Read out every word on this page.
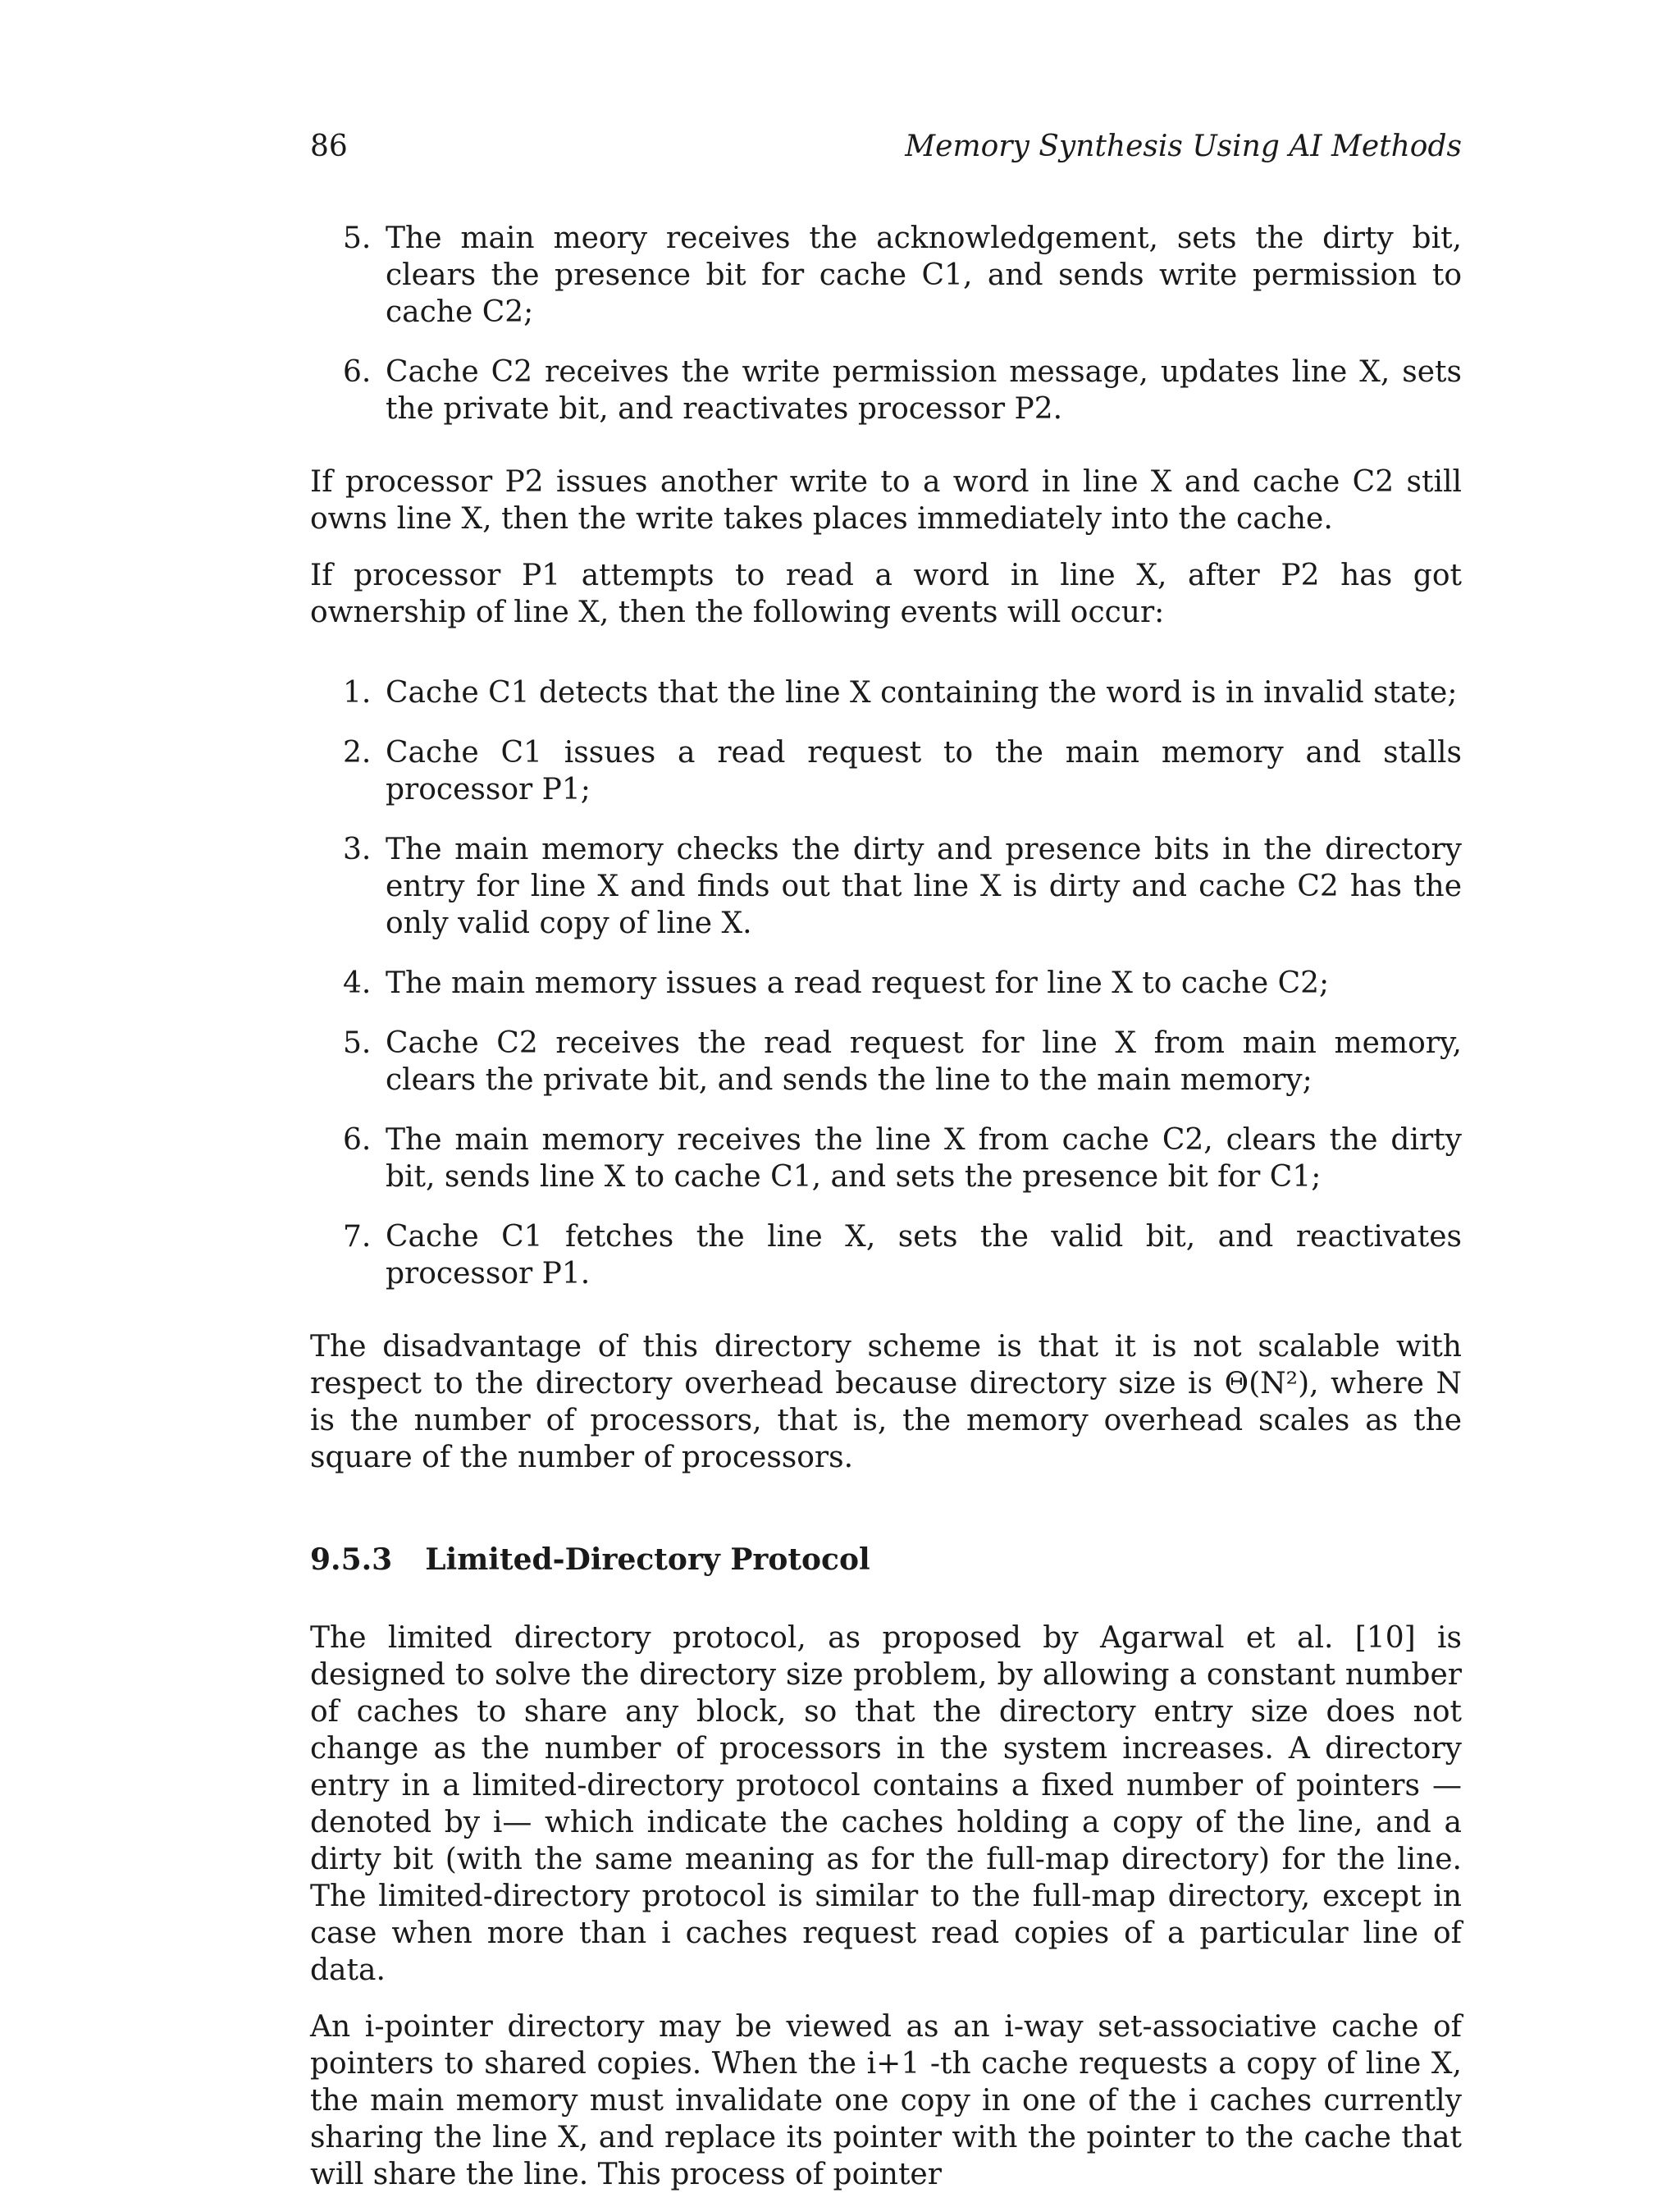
86	Memory Synthesis Using AI Methods
5. The main meory receives the acknowledgement, sets the dirty bit, clears the presence bit for cache C1, and sends write permission to cache C2;
6. Cache C2 receives the write permission message, updates line X, sets the private bit, and reactivates processor P2.

If processor P2 issues another write to a word in line X and cache C2 still owns line X, then the write takes places immediately into the cache.

If processor P1 attempts to read a word in line X, after P2 has got ownership of line X, then the following events will occur:

1. Cache C1 detects that the line X containing the word is in invalid state;
2. Cache C1 issues a read request to the main memory and stalls processor P1;
3. The main memory checks the dirty and presence bits in the directory entry for line X and finds out that line X is dirty and cache C2 has the only valid copy of line X.
4. The main memory issues a read request for line X to cache C2;
5. Cache C2 receives the read request for line X from main memory, clears the private bit, and sends the line to the main memory;
6. The main memory receives the line X from cache C2, clears the dirty bit, sends line X to cache C1, and sets the presence bit for C1;
7. Cache C1 fetches the line X, sets the valid bit, and reactivates processor P1.

The disadvantage of this directory scheme is that it is not scalable with respect to the directory overhead because directory size is Θ(N²), where N is the number of processors, that is, the memory overhead scales as the square of the number of processors.

9.5.3 Limited-Directory Protocol

The limited directory protocol, as proposed by Agarwal et al. [10] is designed to solve the directory size problem, by allowing a constant number of caches to share any block, so that the directory entry size does not change as the number of processors in the system increases. A directory entry in a limited-directory protocol contains a fixed number of pointers —denoted by i— which indicate the caches holding a copy of the line, and a dirty bit (with the same meaning as for the full-map directory) for the line. The limited-directory protocol is similar to the full-map directory, except in case when more than i caches request read copies of a particular line of data.

An i-pointer directory may be viewed as an i-way set-associative cache of pointers to shared copies. When the i+1 -th cache requests a copy of line X, the main memory must invalidate one copy in one of the i caches currently sharing the line X, and replace its pointer with the pointer to the cache that will share the line. This process of pointer
